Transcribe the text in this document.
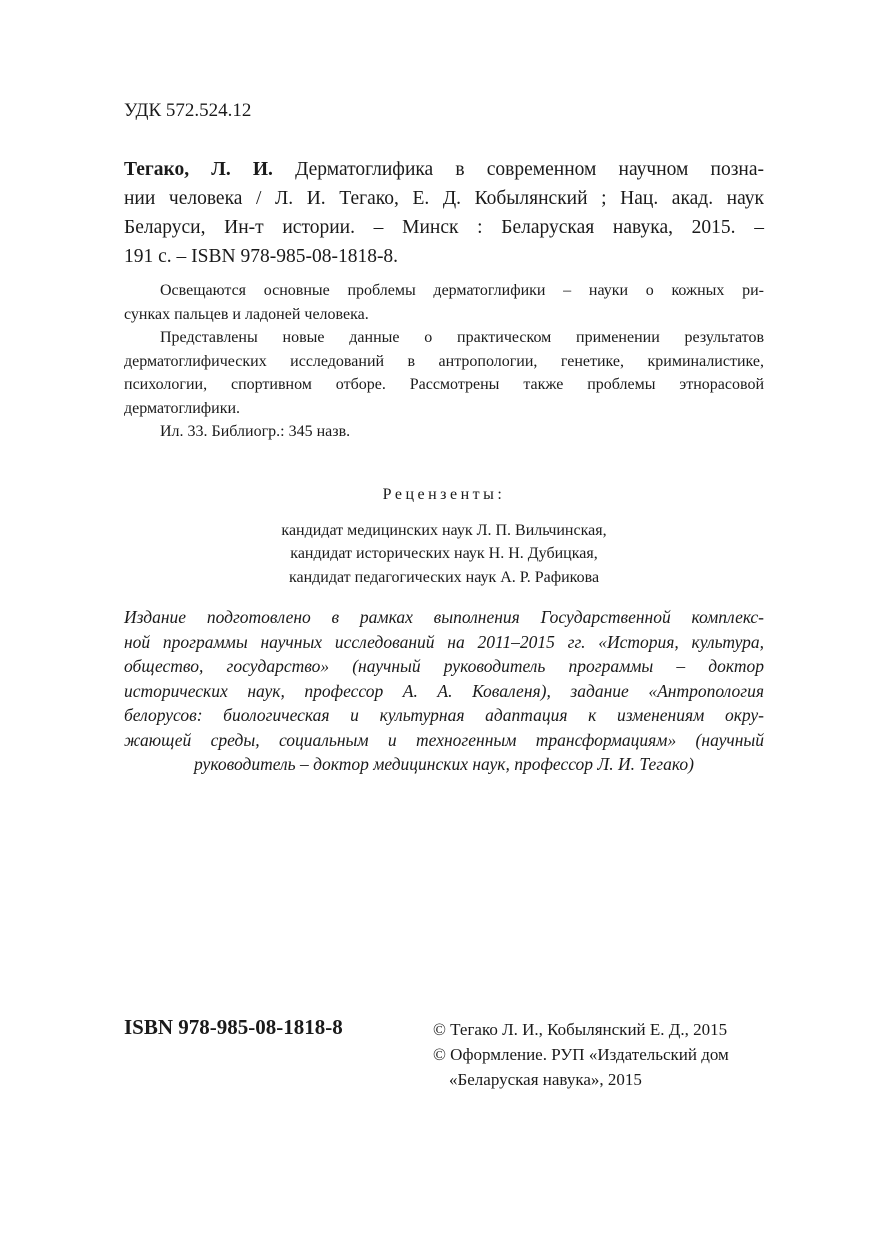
УДК 572.524.12
Тегако, Л. И. Дерматоглифика в современном научном позна-
нии человека / Л. И. Тегако, Е. Д. Кобылянский ; Нац. акад. наук
Беларуси, Ин-т истории. – Минск : Беларуская навука, 2015. –
191 с. – ISBN 978-985-08-1818-8.
Освещаются основные проблемы дерматоглифики – науки о кожных ри-
сунках пальцев и ладоней человека.
Представлены новые данные о практическом применении результатов
дерматоглифических исследований в антропологии, генетике, криминалистике,
психологии, спортивном отборе. Рассмотрены также проблемы этнорасовой
дерматоглифики.
Ил. 33. Библиогр.: 345 назв.
Рецензенты:
кандидат медицинских наук Л. П. Вильчинская,
кандидат исторических наук Н. Н. Дубицкая,
кандидат педагогических наук А. Р. Рафикова
Издание подготовлено в рамках выполнения Государственной комплекс-
ной программы научных исследований на 2011–2015 гг. «История, культура,
общество, государство» (научный руководитель программы – доктор
исторических наук, профессор А. А. Коваленя), задание «Антропология
белорусов: биологическая и культурная адаптация к изменениям окру-
жающей среды, социальным и техногенным трансформациям» (научный
руководитель – доктор медицинских наук, профессор Л. И. Тегако)
ISBN 978-985-08-1818-8	© Тегако Л. И., Кобылянский Е. Д., 2015
© Оформление. РУП «Издательский дом
«Беларуская навука», 2015
